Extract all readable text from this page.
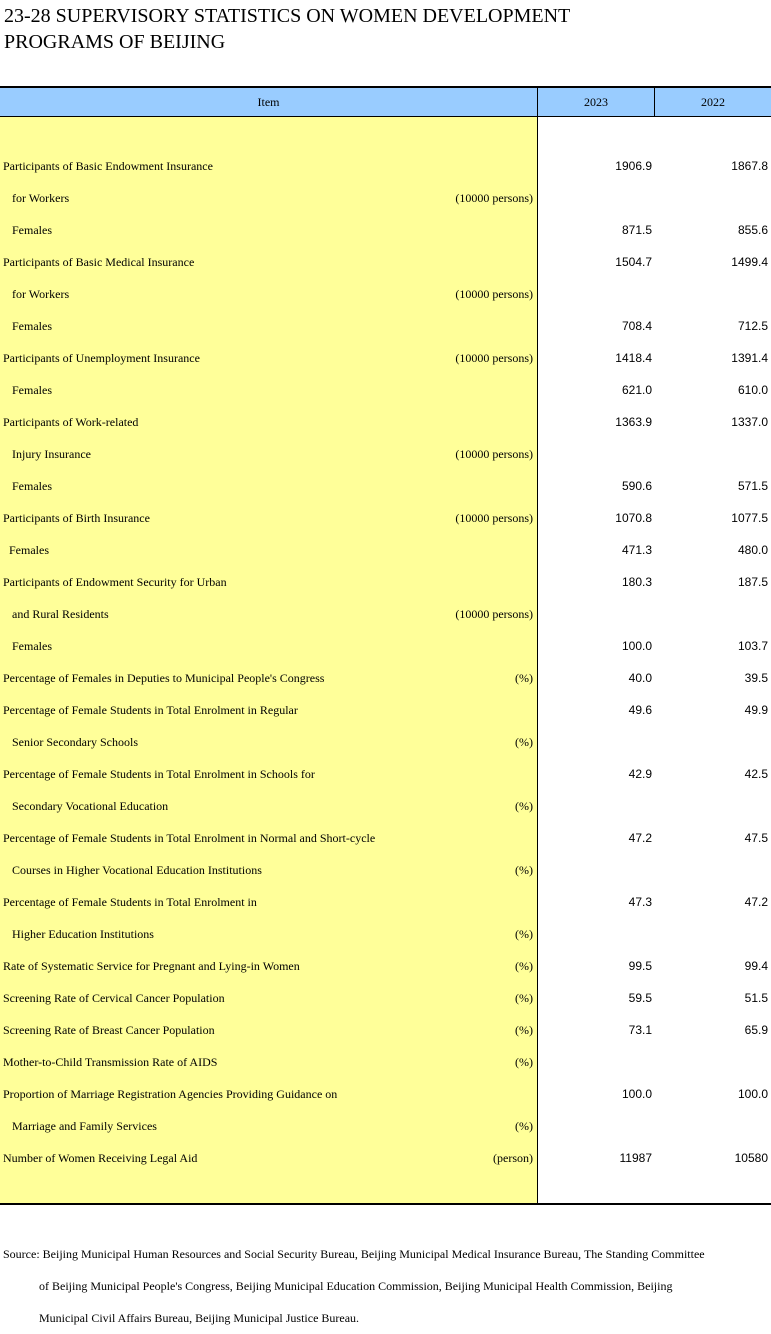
23-28 SUPERVISORY STATISTICS ON WOMEN DEVELOPMENT
PROGRAMS OF BEIJING
Item	2023	2022
Participants of Basic Endowment Insurance	1906.9	1867.8
for Workers	(10000 persons)
Females	871.5	855.6
Participants of Basic Medical Insurance	1504.7	1499.4
for Workers	(10000 persons)
Females	708.4	712.5
Participants of Unemployment Insurance	(10000 persons)	1418.4	1391.4
Females	621.0	610.0
Participants of Work-related	1363.9	1337.0
Injury Insurance	(10000 persons)
Females	590.6	571.5
Participants of Birth Insurance	(10000 persons)	1070.8	1077.5
Females	471.3	480.0
Participants of Endowment Security for Urban	180.3	187.5
and Rural Residents	(10000 persons)
Females	100.0	103.7
Percentage of Females in Deputies to Municipal People's Congress	(%)	40.0	39.5
Percentage of Female Students in Total Enrolment in Regular	49.6	49.9
Senior Secondary Schools	(%)
Percentage of Female Students in Total Enrolment in Schools for	42.9	42.5
Secondary Vocational Education	(%)
Percentage of Female Students in Total Enrolment in Normal and Short-cycle	47.2	47.5
Courses in Higher Vocational Education Institutions	(%)
Percentage of Female Students in Total Enrolment in	47.3	47.2
Higher Education Institutions	(%)
Rate of Systematic Service for Pregnant and Lying-in Women	(%)	99.5	99.4
Screening Rate of Cervical Cancer Population	(%)	59.5	51.5
Screening Rate of Breast Cancer Population	(%)	73.1	65.9
Mother-to-Child Transmission Rate of AIDS	(%)
Proportion of Marriage Registration Agencies Providing Guidance on	100.0	100.0
Marriage and Family Services	(%)
Number of Women Receiving Legal Aid	(person)	11987	10580
Source: Beijing Municipal Human Resources and Social Security Bureau, Beijing Municipal Medical Insurance Bureau, The Standing Committee
of Beijing Municipal People's Congress, Beijing Municipal Education Commission, Beijing Municipal Health Commission, Beijing
Municipal Civil Affairs Bureau, Beijing Municipal Justice Bureau.
